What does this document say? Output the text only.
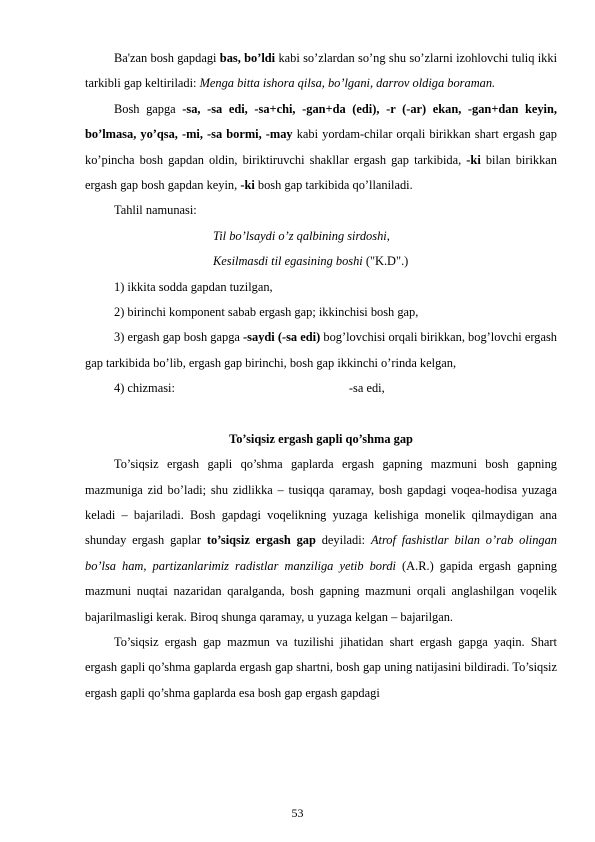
Ba'zan bosh gapdagi bas, bo’ldi kabi so’zlardan so’ng shu so’zlarni izohlovchi tuliq ikki tarkibli gap keltiriladi: Menga bitta ishora qilsa, bo’lgani, darrov oldiga boraman.

Bosh gapga -sa, -sa edi, -sa+chi, -gan+da (edi), -r (-ar) ekan, -gan+dan keyin, bo’lmasa, yo’qsa, -mi, -sa bormi, -may kabi yordam-chilar orqali birikkan shart ergash gap ko’pincha bosh gapdan oldin, biriktiruvchi shakllar ergash gap tarkibida, -ki bilan birikkan ergash gap bosh gapdan keyin, -ki bosh gap tarkibida qo’llaniladi.

Tahlil namunasi:

Til bo’lsaydi o’z qalbining sirdoshi,

Kesilmasdi til egasining boshi ("K.D".)

1) ikkita sodda gapdan tuzilgan,

2) birinchi komponent sabab ergash gap; ikkinchisi bosh gap,

3) ergash gap bosh gapga -saydi (-sa edi) bog’lovchisi orqali birikkan, bog’lovchi ergash gap tarkibida bo’lib, ergash gap birinchi, bosh gap ikkinchi o’rinda kelgan,

4) chizmasi:	-sa edi,

To’siqsiz ergash gapli qo’shma gap

To’siqsiz ergash gapli qo’shma gaplarda ergash gapning mazmuni bosh gapning mazmuniga zid bo’ladi; shu zidlikka – tusiqqa qaramay, bosh gapdagi voqea-hodisa yuzaga keladi – bajariladi. Bosh gapdagi voqelikning yuzaga kelishiga monelik qilmaydigan ana shunday ergash gaplar to’siqsiz ergash gap deyiladi: Atrof fashistlar bilan o’rab olingan bo’lsa ham, partizanlarimiz radistlar manziliga yetib bordi (A.R.) gapida ergash gapning mazmuni nuqtai nazaridan qaralganda, bosh gapning mazmuni orqali anglashilgan voqelik bajarilmasligi kerak. Biroq shunga qaramay, u yuzaga kelgan – bajarilgan.

To’siqsiz ergash gap mazmun va tuzilishi jihatidan shart ergash gapga yaqin. Shart ergash gapli qo’shma gaplarda ergash gap shartni, bosh gap uning natijasini bildiradi. To’siqsiz ergash gapli qo’shma gaplarda esa bosh gap ergash gapdagi

53
